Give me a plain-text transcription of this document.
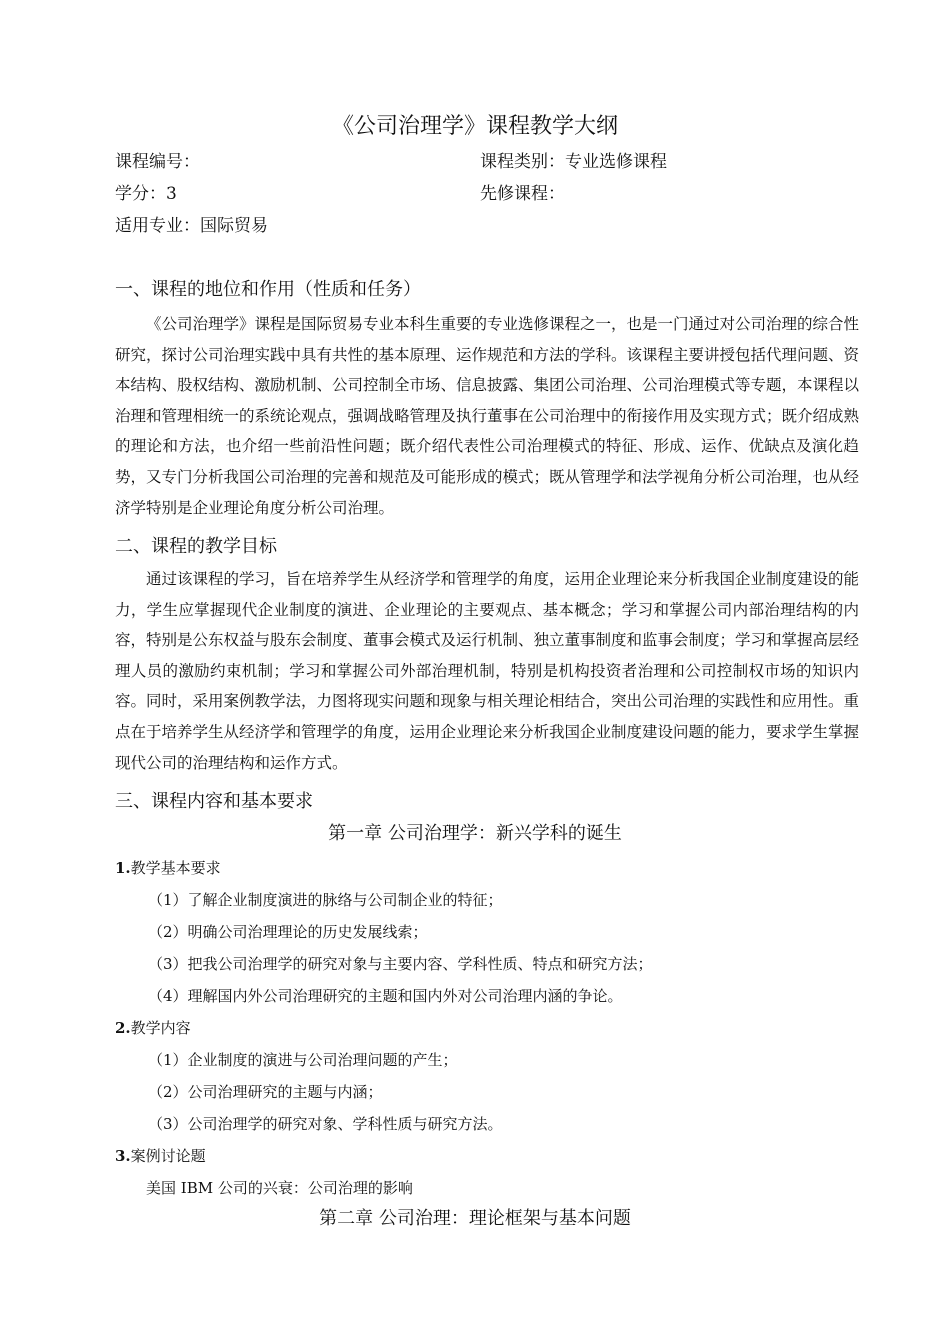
《公司治理学》课程教学大纲
课程编号：	课程类别：专业选修课程
学分：3	先修课程：
适用专业：国际贸易
一、课程的地位和作用（性质和任务）
《公司治理学》课程是国际贸易专业本科生重要的专业选修课程之一，也是一门通过对公司治理的综合性研究，探讨公司治理实践中具有共性的基本原理、运作规范和方法的学科。该课程主要讲授包括代理问题、资本结构、股权结构、激励机制、公司控制全市场、信息披露、集团公司治理、公司治理模式等专题，本课程以治理和管理相统一的系统论观点，强调战略管理及执行董事在公司治理中的衔接作用及实现方式；既介绍成熟的理论和方法，也介绍一些前沿性问题；既介绍代表性公司治理模式的特征、形成、运作、优缺点及演化趋势，又专门分析我国公司治理的完善和规范及可能形成的模式；既从管理学和法学视角分析公司治理，也从经济学特别是企业理论角度分析公司治理。
二、课程的教学目标
通过该课程的学习，旨在培养学生从经济学和管理学的角度，运用企业理论来分析我国企业制度建设的能力，学生应掌握现代企业制度的演进、企业理论的主要观点、基本概念；学习和掌握公司内部治理结构的内容，特别是公东权益与股东会制度、董事会模式及运行机制、独立董事制度和监事会制度；学习和掌握高层经理人员的激励约束机制；学习和掌握公司外部治理机制，特别是机构投资者治理和公司控制权市场的知识内容。同时，采用案例教学法，力图将现实问题和现象与相关理论相结合，突出公司治理的实践性和应用性。重点在于培养学生从经济学和管理学的角度，运用企业理论来分析我国企业制度建设问题的能力，要求学生掌握现代公司的治理结构和运作方式。
三、课程内容和基本要求
第一章 公司治理学：新兴学科的诞生
1.教学基本要求
（1）了解企业制度演进的脉络与公司制企业的特征；
（2）明确公司治理理论的历史发展线索；
（3）把我公司治理学的研究对象与主要内容、学科性质、特点和研究方法；
（4）理解国内外公司治理研究的主题和国内外对公司治理内涵的争论。
2.教学内容
（1）企业制度的演进与公司治理问题的产生；
（2）公司治理研究的主题与内涵；
（3）公司治理学的研究对象、学科性质与研究方法。
3.案例讨论题
美国 IBM 公司的兴衰：公司治理的影响
第二章 公司治理：理论框架与基本问题
